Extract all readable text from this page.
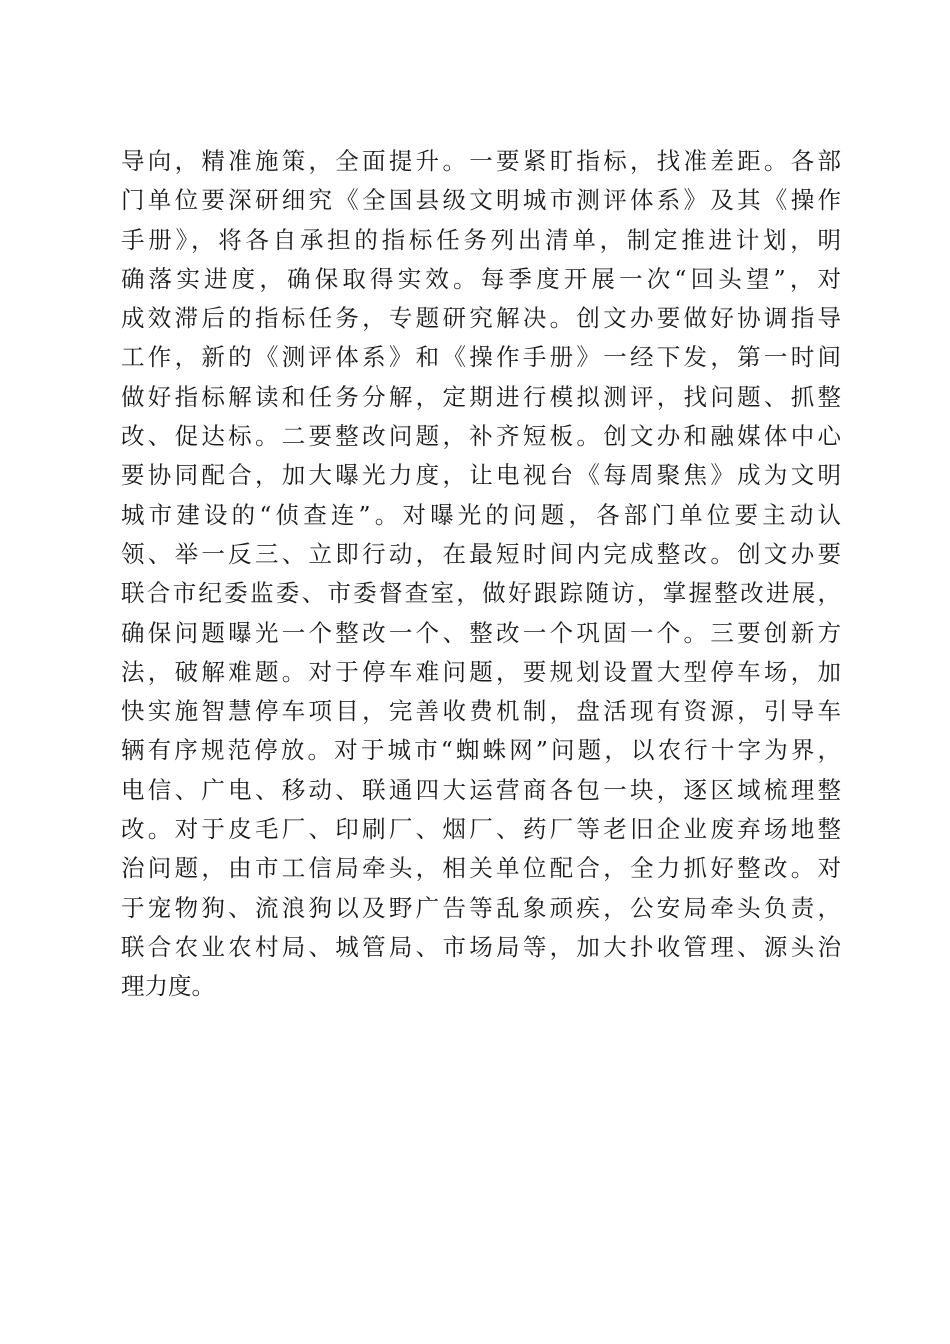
导向，精准施策，全面提升。一要紧盯指标，找准差距。各部
门单位要深研细究《全国县级文明城市测评体系》及其《操作
手册》，将各自承担的指标任务列出清单，制定推进计划，明
确落实进度，确保取得实效。每季度开展一次“回头望”，对
成效滞后的指标任务，专题研究解决。创文办要做好协调指导
工作，新的《测评体系》和《操作手册》一经下发，第一时间
做好指标解读和任务分解，定期进行模拟测评，找问题、抓整
改、促达标。二要整改问题，补齐短板。创文办和融媒体中心
要协同配合，加大曝光力度，让电视台《每周聚焦》成为文明
城市建设的“侦查连”。对曝光的问题，各部门单位要主动认
领、举一反三、立即行动，在最短时间内完成整改。创文办要
联合市纪委监委、市委督查室，做好跟踪随访，掌握整改进展，
确保问题曝光一个整改一个、整改一个巩固一个。三要创新方
法，破解难题。对于停车难问题，要规划设置大型停车场，加
快实施智慧停车项目，完善收费机制，盘活现有资源，引导车
辆有序规范停放。对于城市“蜘蛛网”问题，以农行十字为界，
电信、广电、移动、联通四大运营商各包一块，逐区域梳理整
改。对于皮毛厂、印刷厂、烟厂、药厂等老旧企业废弃场地整
治问题，由市工信局牵头，相关单位配合，全力抓好整改。对
于宠物狗、流浪狗以及野广告等乱象顽疾，公安局牵头负责，
联合农业农村局、城管局、市场局等，加大扑收管理、源头治
理力度。
